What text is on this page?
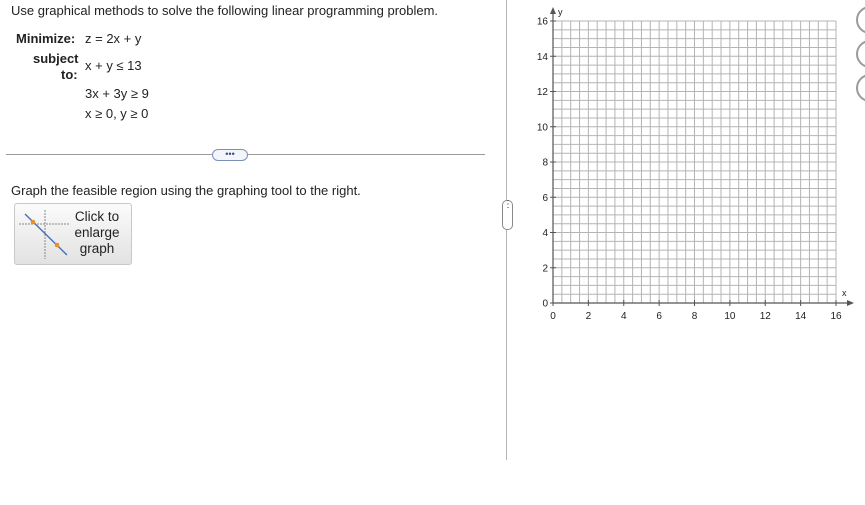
Use graphical methods to solve the following linear programming problem.
Minimize: z = 2x + y
subject
to:
x + y ≤ 13
3x + 3y ≥ 9
x ≥ 0, y ≥ 0
•••
Graph the feasible region using the graphing tool to the right.
Click to
enlarge
graph
⋮
0	2	4	6	8	10 12 14 16
0
2
4
6
8
10
12
14
16
x
y
